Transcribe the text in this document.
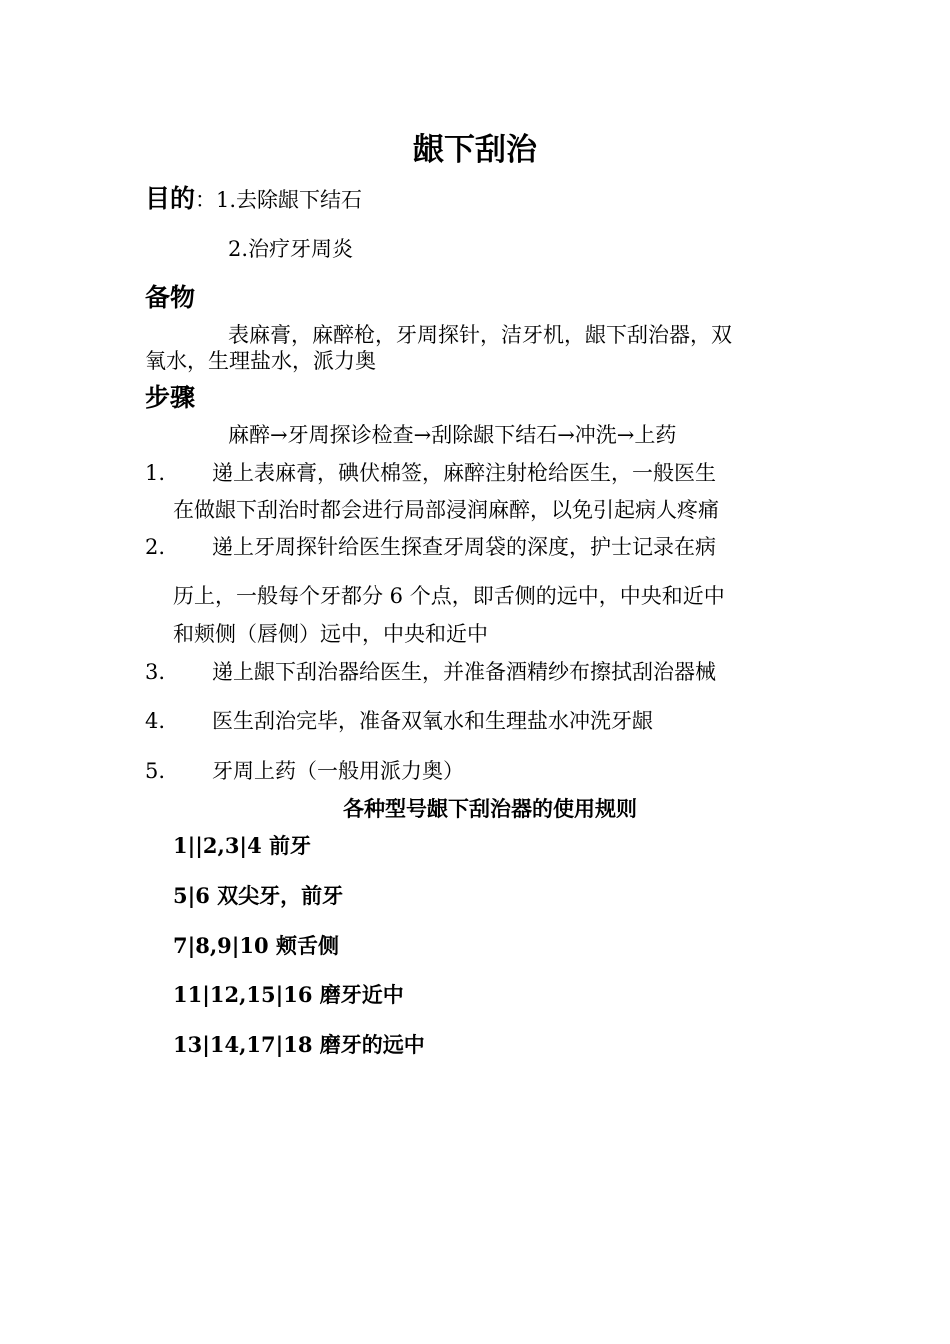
龈下刮治
目的：1.去除龈下结石
2.治疗牙周炎
备物
表麻膏，麻醉枪，牙周探针，洁牙机，龈下刮治器，双
氧水，生理盐水，派力奥
步骤
麻醉→牙周探诊检查→刮除龈下结石→冲洗→上药
1. 递上表麻膏，碘伏棉签，麻醉注射枪给医生，一般医生
在做龈下刮治时都会进行局部浸润麻醉，以免引起病人疼痛
2. 递上牙周探针给医生探查牙周袋的深度，护士记录在病
历上，一般每个牙都分 6 个点，即舌侧的远中，中央和近中
和颊侧（唇侧）远中，中央和近中
3. 递上龈下刮治器给医生，并准备酒精纱布擦拭刮治器械
4. 医生刮治完毕，准备双氧水和生理盐水冲洗牙龈
5. 牙周上药（一般用派力奥）
各种型号龈下刮治器的使用规则
1||2,3|4 前牙
5|6 双尖牙，前牙
7|8,9|10 颊舌侧
11|12,15|16 磨牙近中
13|14,17|18 磨牙的远中
